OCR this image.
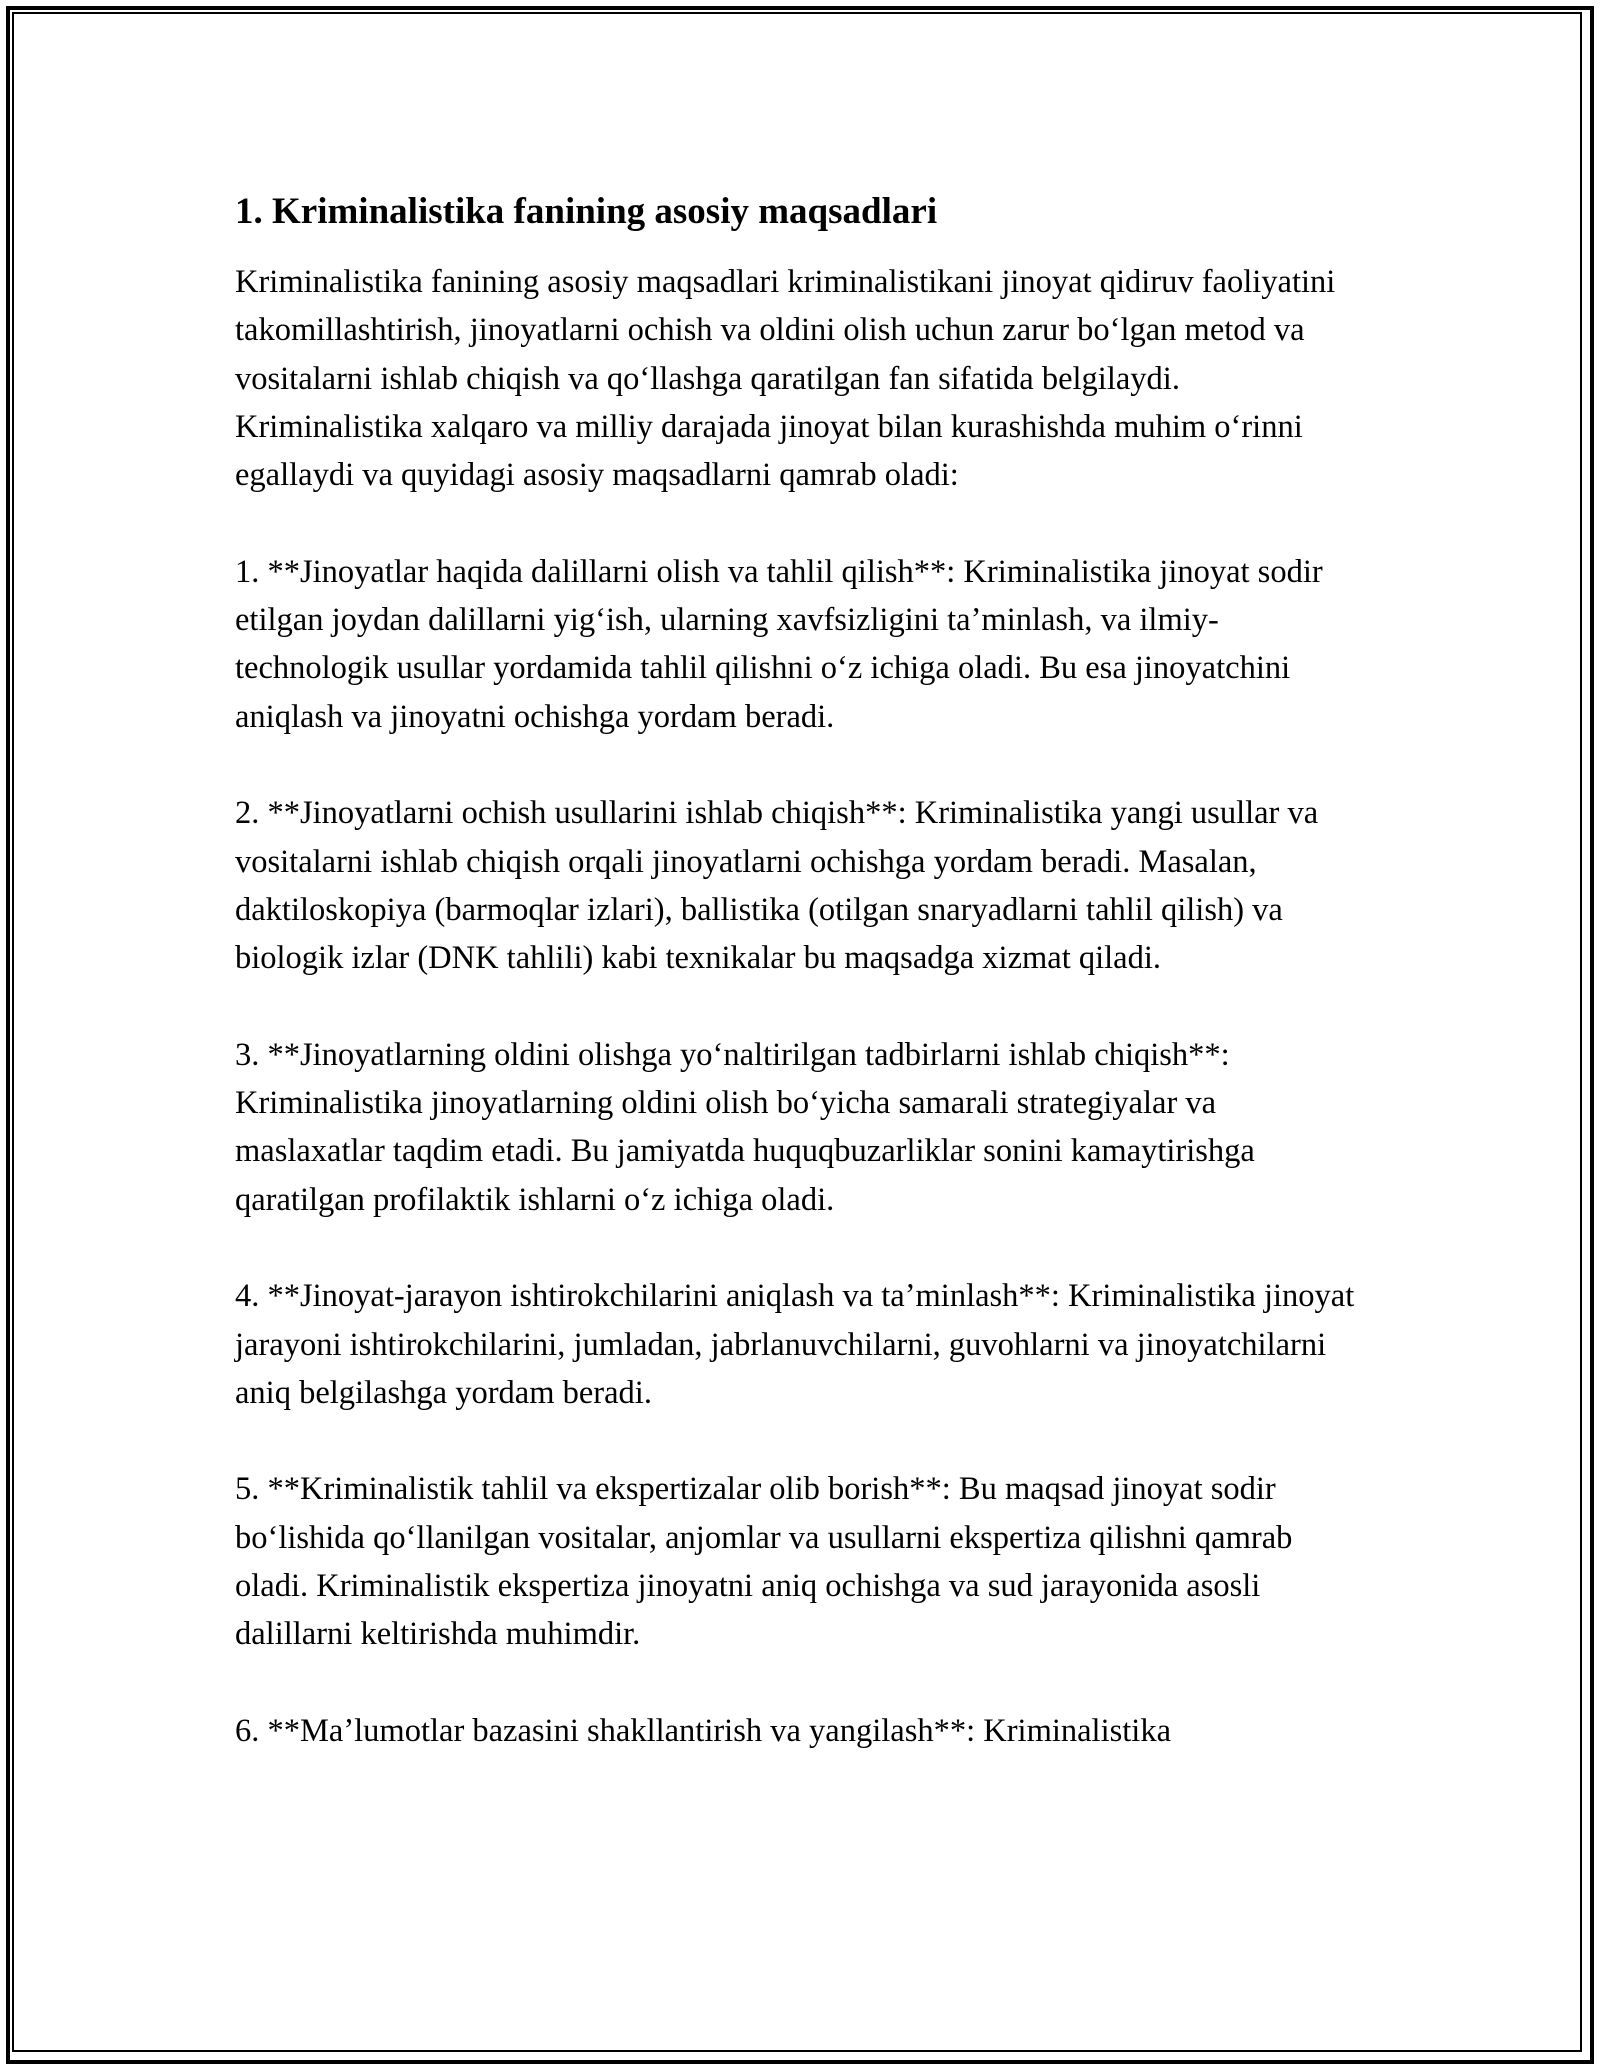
1. Kriminalistika fanining asosiy maqsadlari

Kriminalistika fanining asosiy maqsadlari kriminalistikani jinoyat qidiruv faoliyatini takomillashtirish, jinoyatlarni ochish va oldini olish uchun zarur boʻlgan metod va vositalarni ishlab chiqish va qoʻllashga qaratilgan fan sifatida belgilaydi. Kriminalistika xalqaro va milliy darajada jinoyat bilan kurashishda muhim oʻrinni egallaydi va quyidagi asosiy maqsadlarni qamrab oladi:

1. **Jinoyatlar haqida dalillarni olish va tahlil qilish**: Kriminalistika jinoyat sodir etilgan joydan dalillarni yigʻish, ularning xavfsizligini taʼminlash, va ilmiy-technologik usullar yordamida tahlil qilishni oʻz ichiga oladi. Bu esa jinoyatchini aniqlash va jinoyatni ochishga yordam beradi.

2. **Jinoyatlarni ochish usullarini ishlab chiqish**: Kriminalistika yangi usullar va vositalarni ishlab chiqish orqali jinoyatlarni ochishga yordam beradi. Masalan, daktiloskopiya (barmoqlar izlari), ballistika (otilgan snaryadlarni tahlil qilish) va biologik izlar (DNK tahlili) kabi texnikalar bu maqsadga xizmat qiladi.

3. **Jinoyatlarning oldini olishga yoʻnaltirilgan tadbirlarni ishlab chiqish**: Kriminalistika jinoyatlarning oldini olish boʻyicha samarali strategiyalar va maslaxatlar taqdim etadi. Bu jamiyatda huquqbuzarliklar sonini kamaytirishga qaratilgan profilaktik ishlarni oʻz ichiga oladi.

4. **Jinoyat-jarayon ishtirokchilarini aniqlash va taʼminlash**: Kriminalistika jinoyat jarayoni ishtirokchilarini, jumladan, jabrlanuvchilarni, guvohlarni va jinoyatchilarni aniq belgilashga yordam beradi.

5. **Kriminalistik tahlil va ekspertizalar olib borish**: Bu maqsad jinoyat sodir boʻlishida qoʻllanilgan vositalar, anjomlar va usullarni ekspertiza qilishni qamrab oladi. Kriminalistik ekspertiza jinoyatni aniq ochishga va sud jarayonida asosli dalillarni keltirishda muhimdir.

6. **Maʼlumotlar bazasini shakllantirish va yangilash**: Kriminalistika
